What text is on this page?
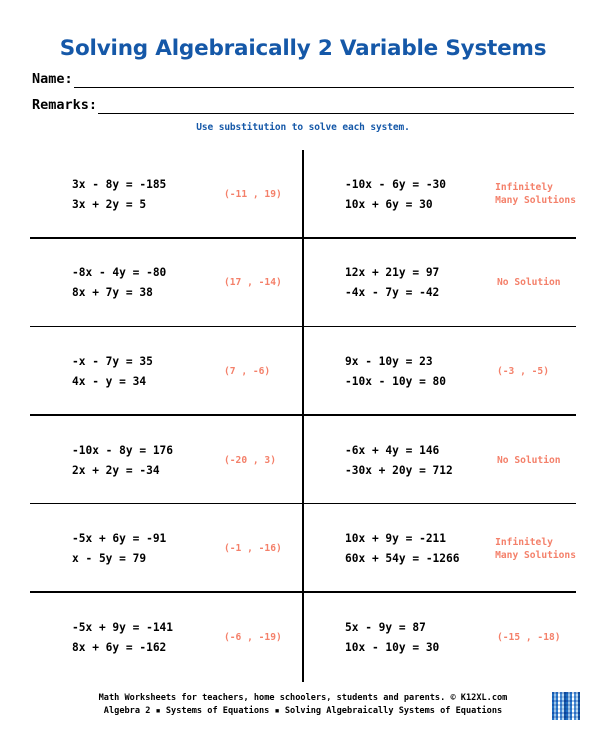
Solving Algebraically 2 Variable Systems
Name:
Remarks:
Use substitution to solve each system.
3x - 8y = -185
3x + 2y = 5
(-11 , 19)
-10x - 6y = -30
10x + 6y = 30
Infinitely
Many Solutions
-8x - 4y = -80
8x + 7y = 38
(17 , -14)
12x + 21y = 97
-4x - 7y = -42
No Solution
-x - 7y = 35
4x - y = 34
(7 , -6)
9x - 10y = 23
-10x - 10y = 80
(-3 , -5)
-10x - 8y = 176
2x + 2y = -34
(-20 , 3)
-6x + 4y = 146
-30x + 20y = 712
No Solution
-5x + 6y = -91
x - 5y = 79
(-1 , -16)
10x + 9y = -211
60x + 54y = -1266
Infinitely
Many Solutions
-5x + 9y = -141
8x + 6y = -162
(-6 , -19)
5x - 9y = 87
10x - 10y = 30
(-15 , -18)
Math Worksheets for teachers, home schoolers, students and parents. © K12XL.com
Algebra 2 ▪ Systems of Equations ▪ Solving Algebraically Systems of Equations
